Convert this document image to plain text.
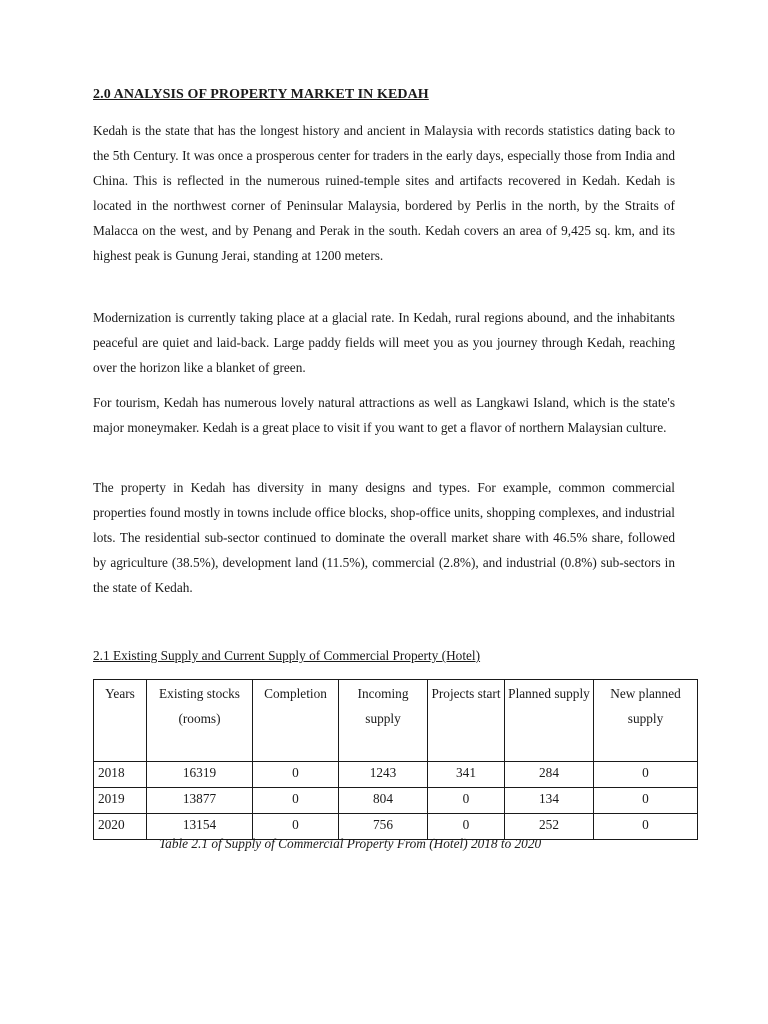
2.0 ANALYSIS OF PROPERTY MARKET IN KEDAH

Kedah is the state that has the longest history and ancient in Malaysia with records statistics dating back to the 5th Century. It was once a prosperous center for traders in the early days, especially those from India and China. This is reflected in the numerous ruined-temple sites and artifacts recovered in Kedah. Kedah is located in the northwest corner of Peninsular Malaysia, bordered by Perlis in the north, by the Straits of Malacca on the west, and by Penang and Perak in the south. Kedah covers an area of 9,425 sq. km, and its highest peak is Gunung Jerai, standing at 1200 meters.

Modernization is currently taking place at a glacial rate. In Kedah, rural regions abound, and the inhabitants peaceful are quiet and laid-back. Large paddy fields will meet you as you journey through Kedah, reaching over the horizon like a blanket of green.

For tourism, Kedah has numerous lovely natural attractions as well as Langkawi Island, which is the state's major moneymaker. Kedah is a great place to visit if you want to get a flavor of northern Malaysian culture.

The property in Kedah has diversity in many designs and types. For example, common commercial properties found mostly in towns include office blocks, shop-office units, shopping complexes, and industrial lots. The residential sub-sector continued to dominate the overall market share with 46.5% share, followed by agriculture (38.5%), development land (11.5%), commercial (2.8%), and industrial (0.8%) sub-sectors in the state of Kedah.

2.1 Existing Supply and Current Supply of Commercial Property (Hotel)
Years	Existing stocks (rooms)	Completion	Incoming supply	Projects start	Planned supply	New planned supply
2018	16319	0	1243	341	284	0
2019	13877	0	804	0	134	0
2020	13154	0	756	0	252	0
Table 2.1 of Supply of Commercial Property From (Hotel) 2018 to 2020
